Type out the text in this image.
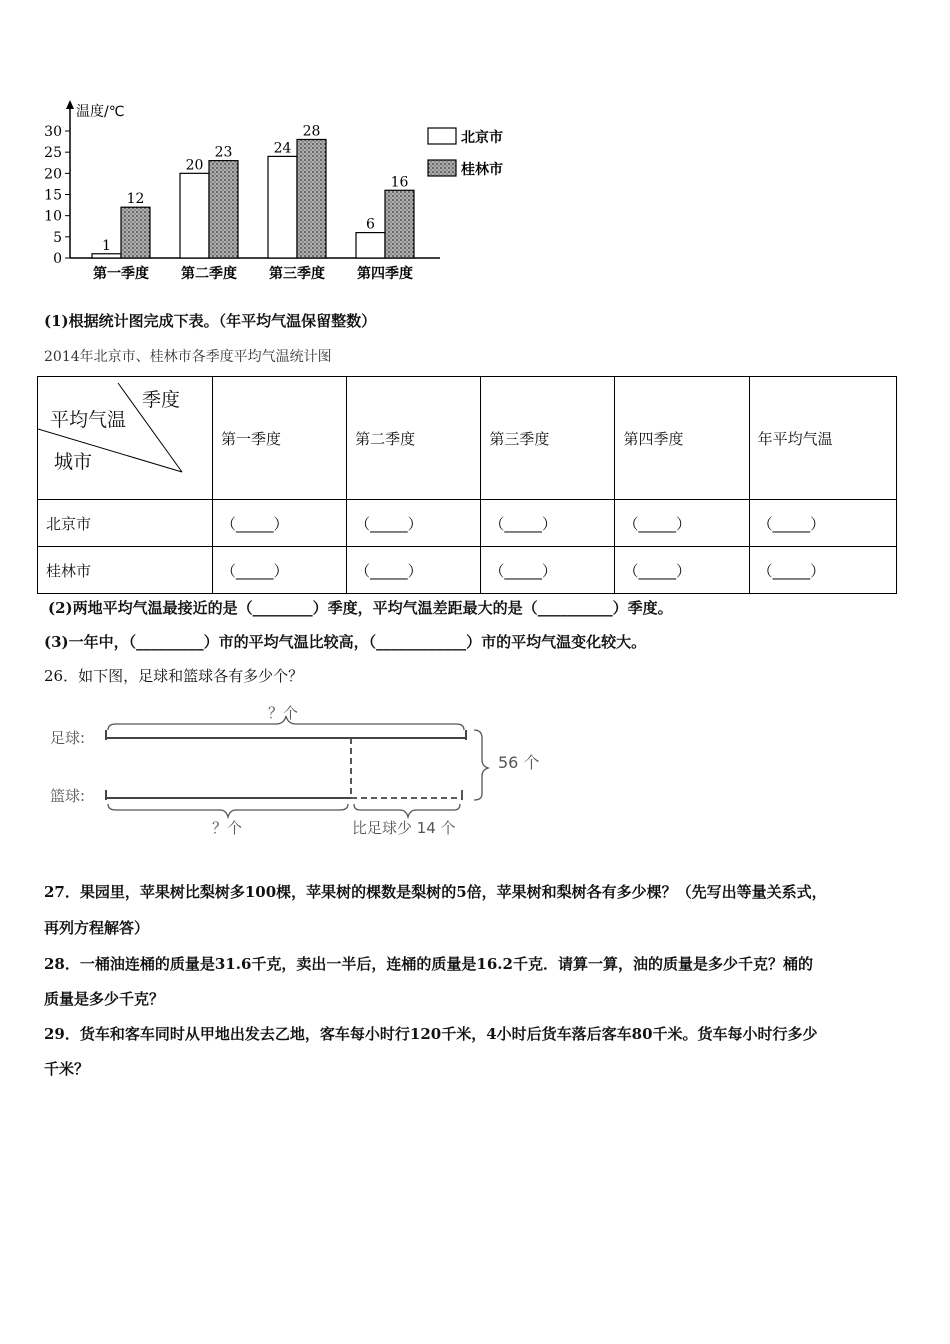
温度/℃
0
5
10
15
20
25
30
1
12
20
23	24
28
6
16
第一季度 第二季度 第三季度 第四季度
北京市
桂林市
(1)根据统计图完成下表。（年平均气温保留整数）
2014年北京市、桂林市各季度平均气温统计图
季度
平均气温
城市	第一季度	第二季度	第三季度	第四季度	年平均气温
北京市	（_____）	（_____）	（_____）	（_____）	（_____）
桂林市	（_____）	（_____）	（_____）	（_____）	（_____）
(2)两地平均气温最接近的是（________）季度，平均气温差距最大的是（__________）季度。
(3)一年中，（_________）市的平均气温比较高，（____________）市的平均气温变化较大。
26．如下图，足球和篮球各有多少个？
足球:
篮球:
？个
？个	比足球少 14 个
56 个
27．果园里，苹果树比梨树多100棵，苹果树的棵数是梨树的5倍，苹果树和梨树各有多少棵？（先写出等量关系式，
再列方程解答）
28．一桶油连桶的质量是31.6千克，卖出一半后，连桶的质量是16.2千克．请算一算，油的质量是多少千克？桶的
质量是多少千克？
29．货车和客车同时从甲地出发去乙地，客车每小时行120千米，4小时后货车落后客车80千米。货车每小时行多少
千米？
